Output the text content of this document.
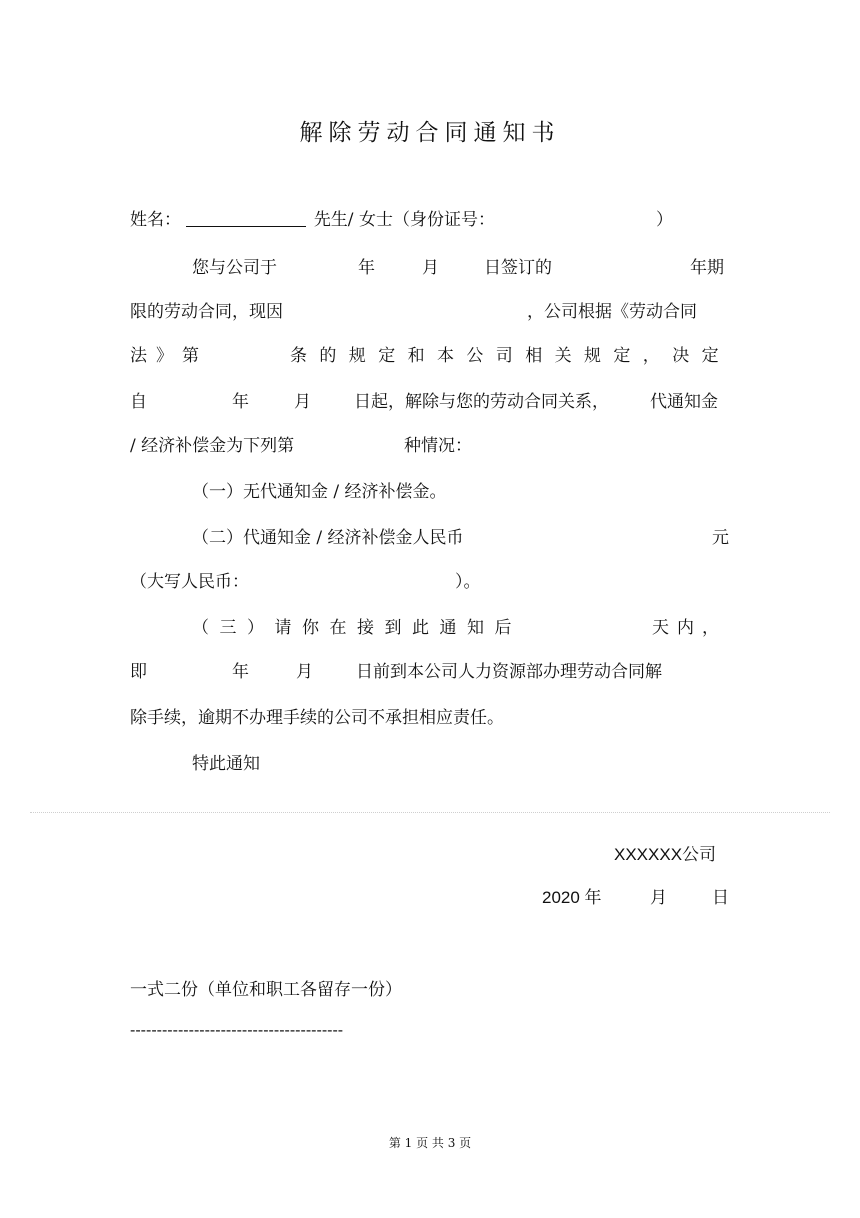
解除劳动合同通知书
姓名：	先生/ 女士（身份证号：	）
您与公司于	年	月	日签订的	年期
限的劳动合同，现因	，公司根据《劳动合同
法》第	条的规定和本公司相关规定，决定
自	年	月	日起，解除与您的劳动合同关系， 代通知金
/ 经济补偿金为下列第	种情况：
（一）无代通知金 / 经济补偿金。
（二）代通知金 / 经济补偿金人民币	元
（大写人民币：	）。
（三）请你在接到此通知后	天内，
即	年	月	日前到本公司人力资源部办理劳动合同解
除手续，逾期不办理手续的公司不承担相应责任。
特此通知
XXXXXX公司
2020 年	月	日
一式二份（单位和职工各留存一份）
----------------------------------------
第 1 页 共 3 页
